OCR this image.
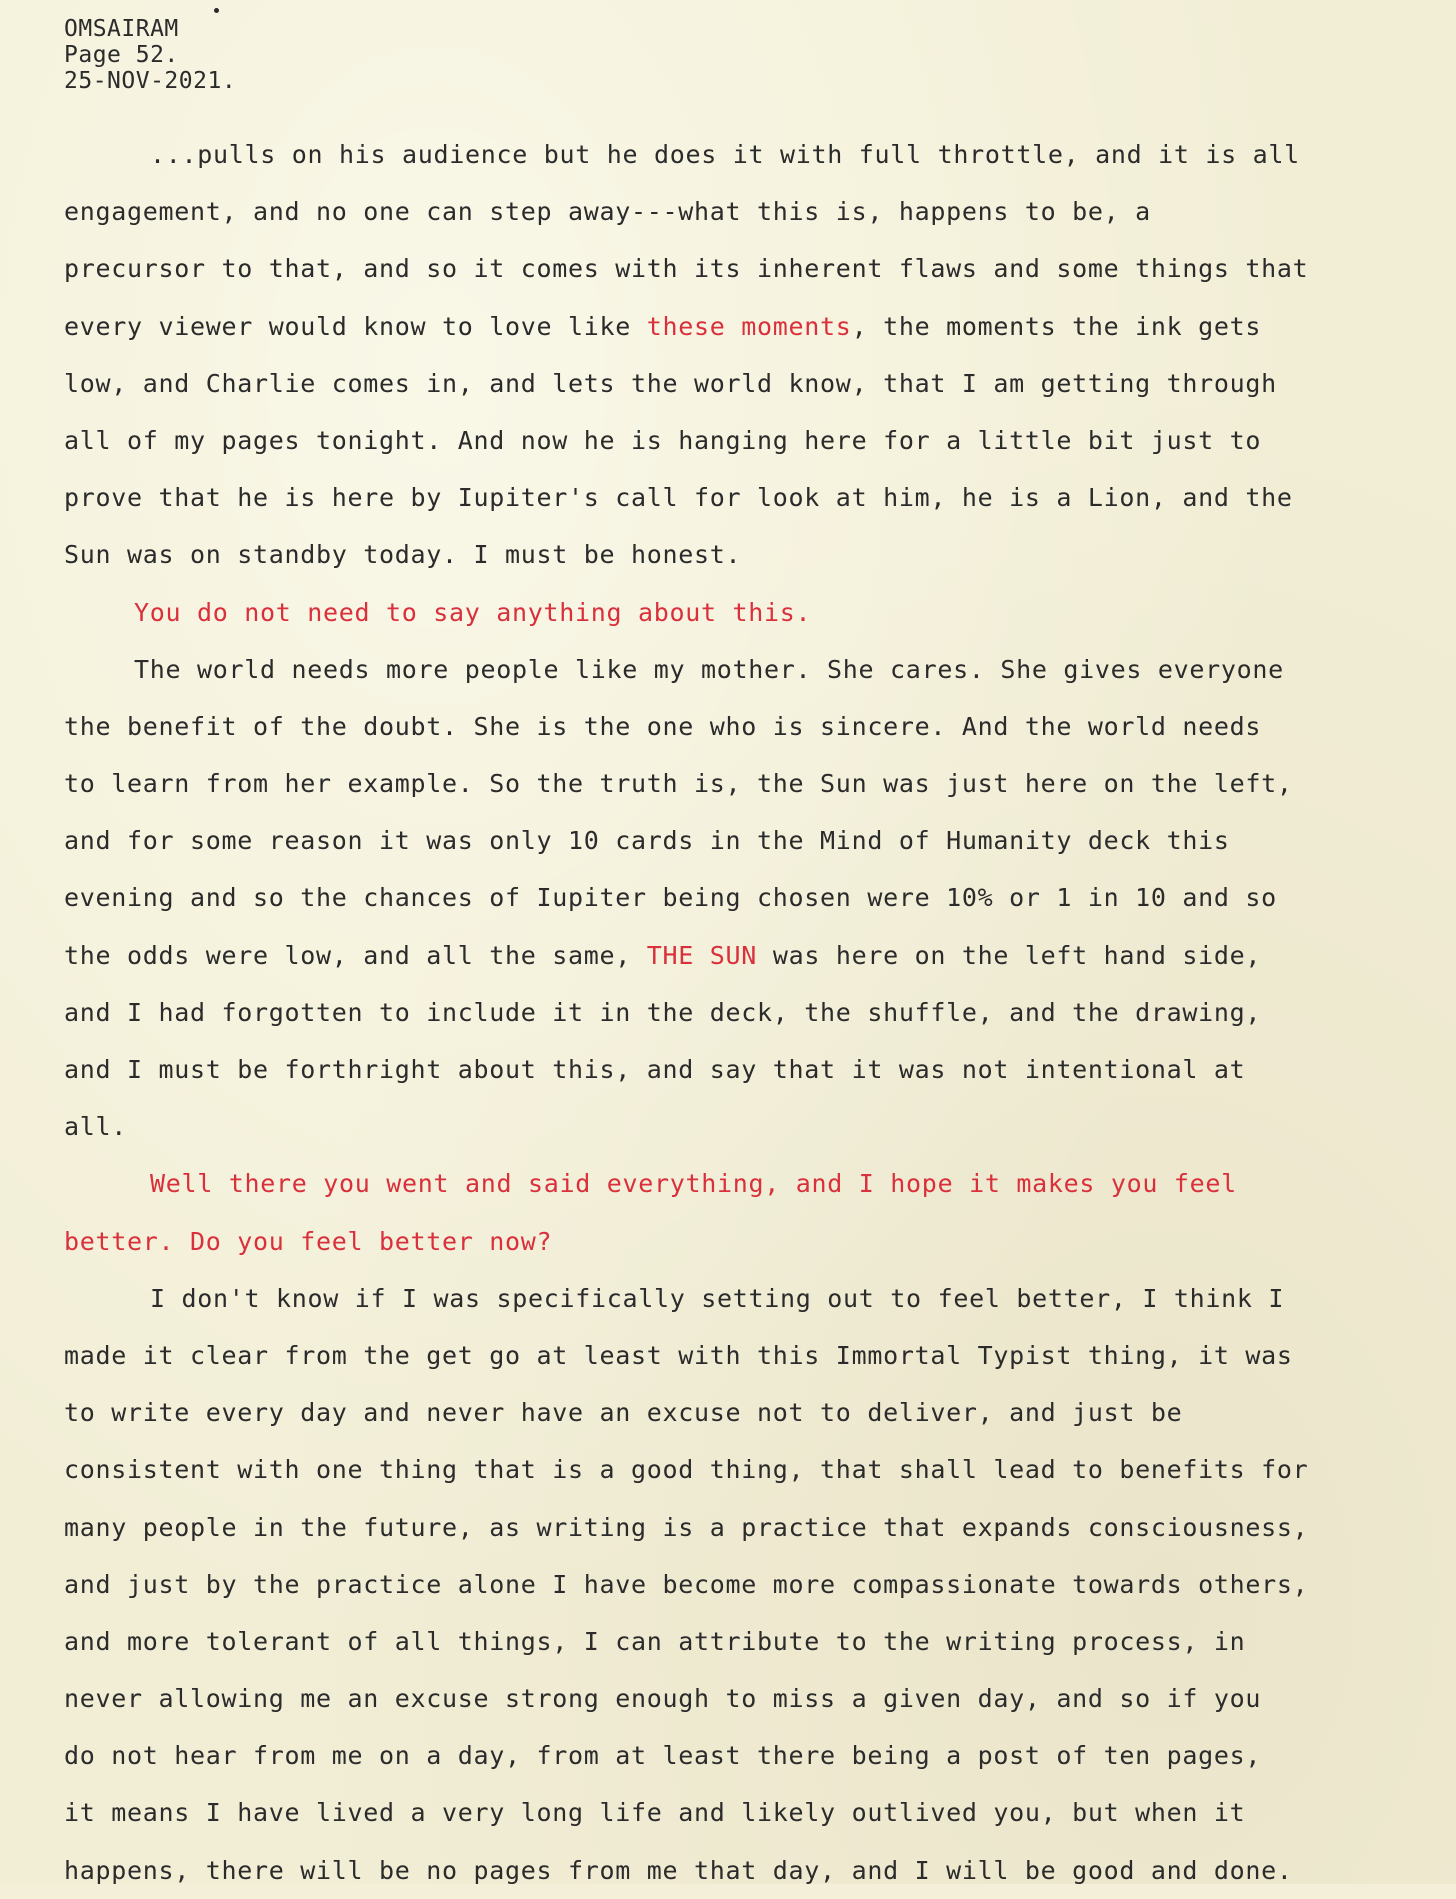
OMSAIRAM
Page 52.
25-NOV-2021.
...pulls on his audience but he does it with full throttle, and it is all
engagement, and no one can step away---what this is, happens to be, a
precursor to that, and so it comes with its inherent flaws and some things that
every viewer would know to love like these moments, the moments the ink gets
low, and Charlie comes in, and lets the world know, that I am getting through
all of my pages tonight. And now he is hanging here for a little bit just to
prove that he is here by Iupiter's call for look at him, he is a Lion, and the
Sun was on standby today. I must be honest.
You do not need to say anything about this.
The world needs more people like my mother. She cares. She gives everyone
the benefit of the doubt. She is the one who is sincere. And the world needs
to learn from her example. So the truth is, the Sun was just here on the left,
and for some reason it was only 10 cards in the Mind of Humanity deck this
evening and so the chances of Iupiter being chosen were 10% or 1 in 10 and so
the odds were low, and all the same, THE SUN was here on the left hand side,
and I had forgotten to include it in the deck, the shuffle, and the drawing,
and I must be forthright about this, and say that it was not intentional at
all.
Well there you went and said everything, and I hope it makes you feel
better. Do you feel better now?
I don't know if I was specifically setting out to feel better, I think I
made it clear from the get go at least with this Immortal Typist thing, it was
to write every day and never have an excuse not to deliver, and just be
consistent with one thing that is a good thing, that shall lead to benefits for
many people in the future, as writing is a practice that expands consciousness,
and just by the practice alone I have become more compassionate towards others,
and more tolerant of all things, I can attribute to the writing process, in
never allowing me an excuse strong enough to miss a given day, and so if you
do not hear from me on a day, from at least there being a post of ten pages,
it means I have lived a very long life and likely outlived you, but when it
happens, there will be no pages from me that day, and I will be good and done.
